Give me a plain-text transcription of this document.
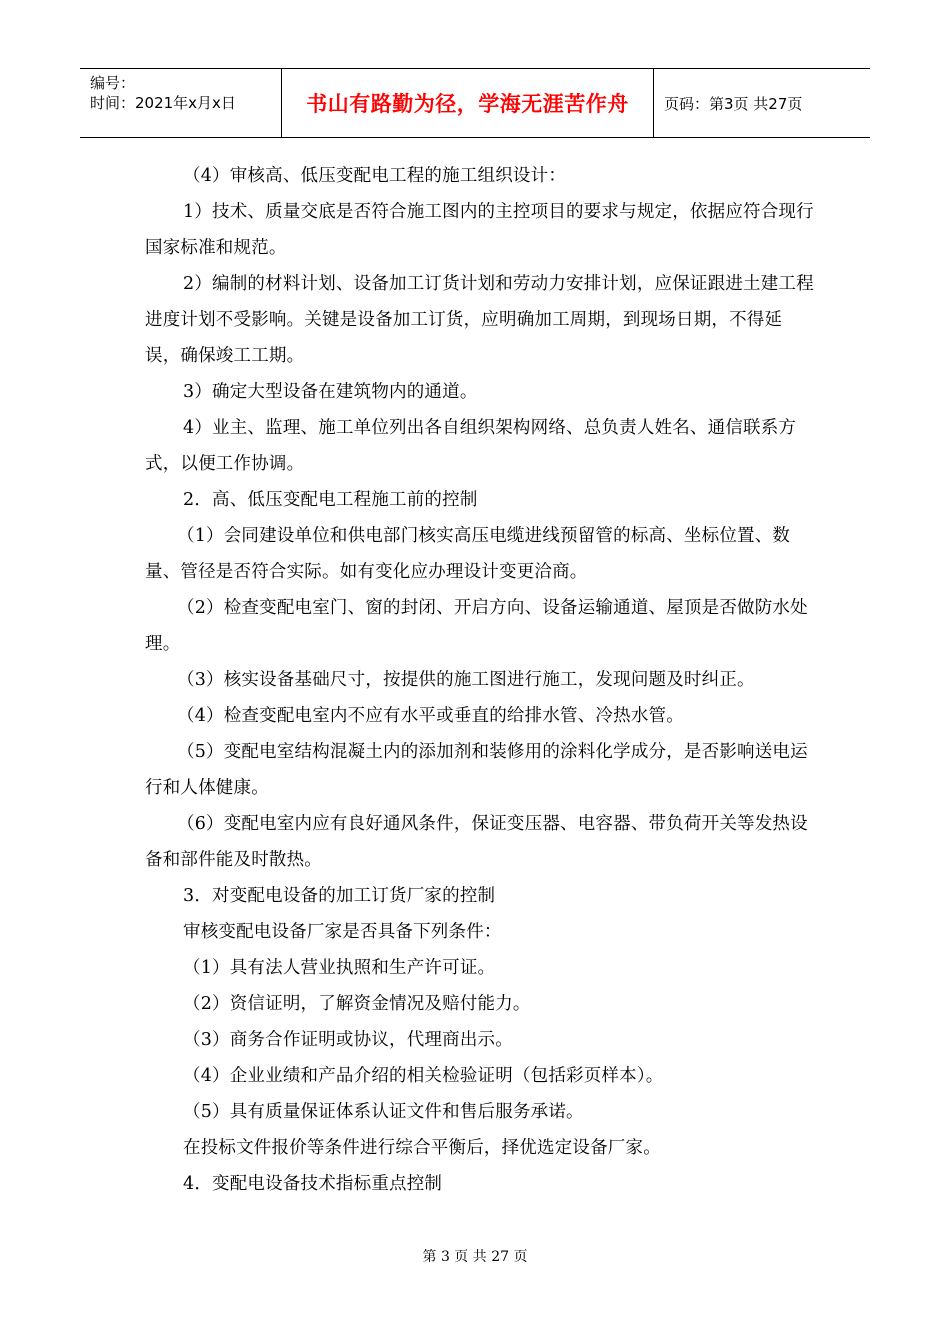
编号：
时间：2021年x月x日	书山有路勤为径，学海无涯苦作舟	页码：第3页 共27页

（4）审核高、低压变配电工程的施工组织设计：

1）技术、质量交底是否符合施工图内的主控项目的要求与规定，依据应符合现行国家标准和规范。

2）编制的材料计划、设备加工订货计划和劳动力安排计划，应保证跟进土建工程进度计划不受影响。关键是设备加工订货，应明确加工周期，到现场日期，不得延误，确保竣工工期。

3）确定大型设备在建筑物内的通道。

4）业主、监理、施工单位列出各自组织架构网络、总负责人姓名、通信联系方式，以便工作协调。

2．高、低压变配电工程施工前的控制

（1）会同建设单位和供电部门核实高压电缆进线预留管的标高、坐标位置、数量、管径是否符合实际。如有变化应办理设计变更洽商。

（2）检查变配电室门、窗的封闭、开启方向、设备运输通道、屋顶是否做防水处理。

（3）核实设备基础尺寸，按提供的施工图进行施工，发现问题及时纠正。

（4）检查变配电室内不应有水平或垂直的给排水管、冷热水管。

（5）变配电室结构混凝土内的添加剂和装修用的涂料化学成分，是否影响送电运行和人体健康。

（6）变配电室内应有良好通风条件，保证变压器、电容器、带负荷开关等发热设备和部件能及时散热。

3．对变配电设备的加工订货厂家的控制

审核变配电设备厂家是否具备下列条件：

（1）具有法人营业执照和生产许可证。

（2）资信证明，了解资金情况及赔付能力。

（3）商务合作证明或协议，代理商出示。

（4）企业业绩和产品介绍的相关检验证明（包括彩页样本）。

（5）具有质量保证体系认证文件和售后服务承诺。

在投标文件报价等条件进行综合平衡后，择优选定设备厂家。

4．变配电设备技术指标重点控制

第 3 页 共 27 页
